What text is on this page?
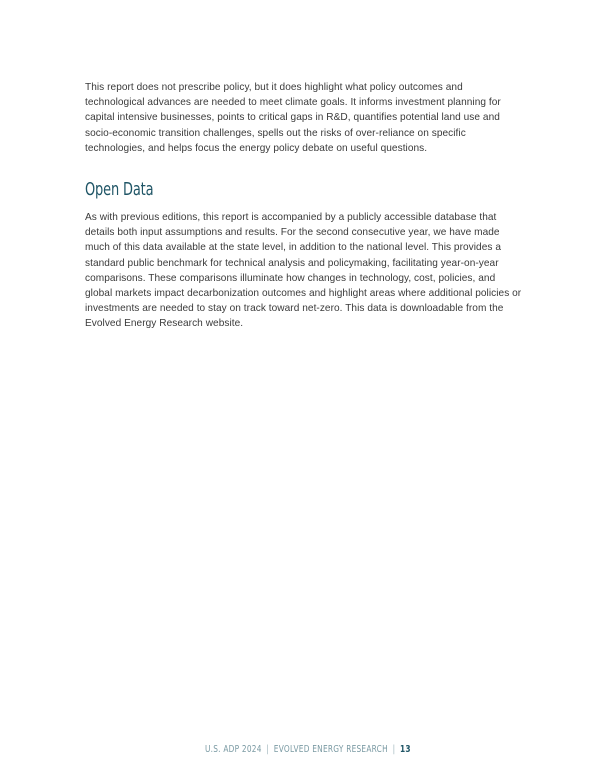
This report does not prescribe policy, but it does highlight what policy outcomes and technological advances are needed to meet climate goals. It informs investment planning for capital intensive businesses, points to critical gaps in R&D, quantifies potential land use and socio-economic transition challenges, spells out the risks of over-reliance on specific technologies, and helps focus the energy policy debate on useful questions.

Open Data

As with previous editions, this report is accompanied by a publicly accessible database that details both input assumptions and results. For the second consecutive year, we have made much of this data available at the state level, in addition to the national level. This provides a standard public benchmark for technical analysis and policymaking, facilitating year-on-year comparisons. These comparisons illuminate how changes in technology, cost, policies, and global markets impact decarbonization outcomes and highlight areas where additional policies or investments are needed to stay on track toward net-zero. This data is downloadable from the Evolved Energy Research website.

U.S. ADP 2024 | EVOLVED ENERGY RESEARCH | 13
